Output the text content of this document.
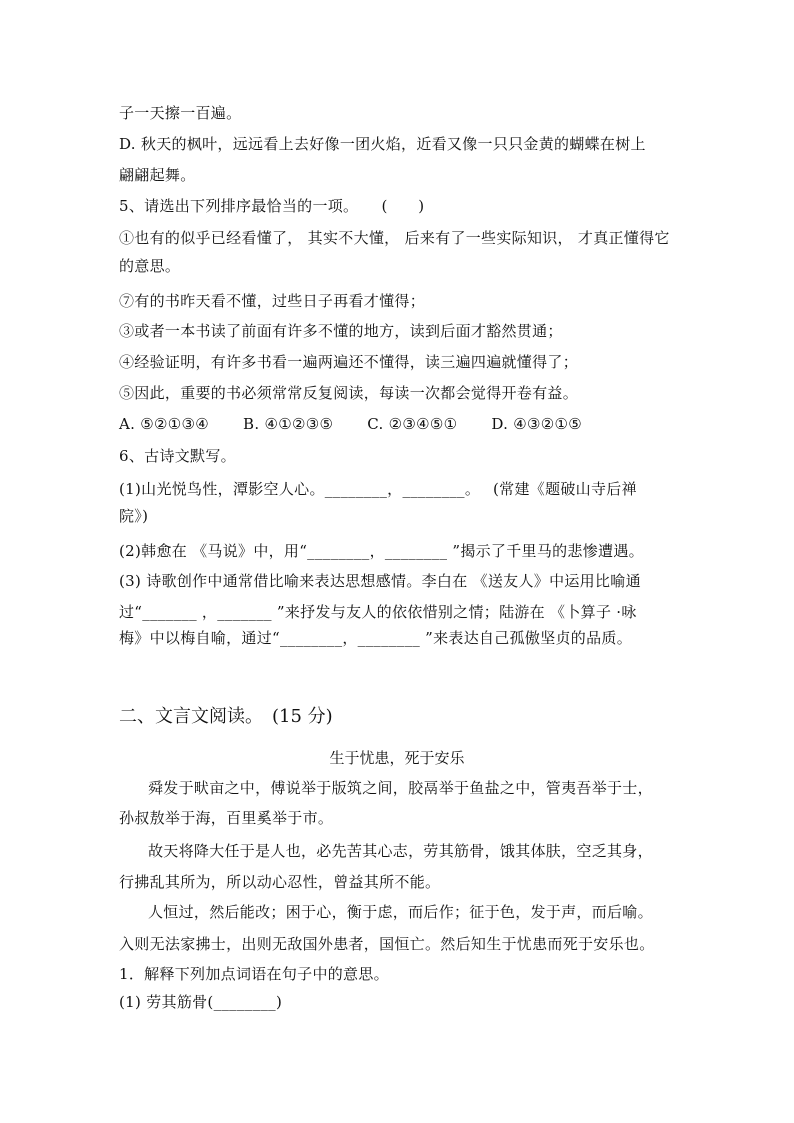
子一天擦一百遍。
D. 秋天的枫叶，远远看上去好像一团火焰，近看又像一只只金黄的蝴蝶在树上
翩翩起舞。
5、请选出下列排序最恰当的一项。　　(　　)
①也有的似乎已经看懂了， 其实不大懂， 后来有了一些实际知识， 才真正懂得它
的意思。
⑦有的书昨天看不懂，过些日子再看才懂得；
③或者一本书读了前面有许多不懂的地方，读到后面才豁然贯通；
④经验证明，有许多书看一遍两遍还不懂得，读三遍四遍就懂得了；
⑤因此，重要的书必须常常反复阅读，每读一次都会觉得开卷有益。
A. ⑤②①③④ B. ④①②③⑤ C. ②③④⑤① D. ④③②①⑤
6、古诗文默写。
(1)山光悦鸟性，潭影空人心。________，________。　 (常建《题破山寺后禅
院》)
(2)韩愈在 《马说》中，用“________，________ ”揭示了千里马的悲惨遭遇。
(3) 诗歌创作中通常借比喻来表达思想感情。李白在 《送友人》中运用比喻通
过“_______ ，_______ ”来抒发与友人的依依惜别之情；陆游在 《卜算子 ·咏
梅》中以梅自喻，通过“________，________ ”来表达自己孤傲坚贞的品质。
二、文言文阅读。　(15 分)
生于忧患，死于安乐
舜发于畎亩之中，傅说举于版筑之间，胶鬲举于鱼盐之中，管夷吾举于士，
孙叔敖举于海，百里奚举于市。
故天将降大任于是人也，必先苦其心志，劳其筋骨，饿其体肤，空乏其身，
行拂乱其所为，所以动心忍性，曾益其所不能。
人恒过，然后能改；困于心，衡于虑，而后作；征于色，发于声，而后喻。
入则无法家拂士，出则无敌国外患者，国恒亡。然后知生于忧患而死于安乐也。
1．解释下列加点词语在句子中的意思。
(1) 劳其筋骨(________)
